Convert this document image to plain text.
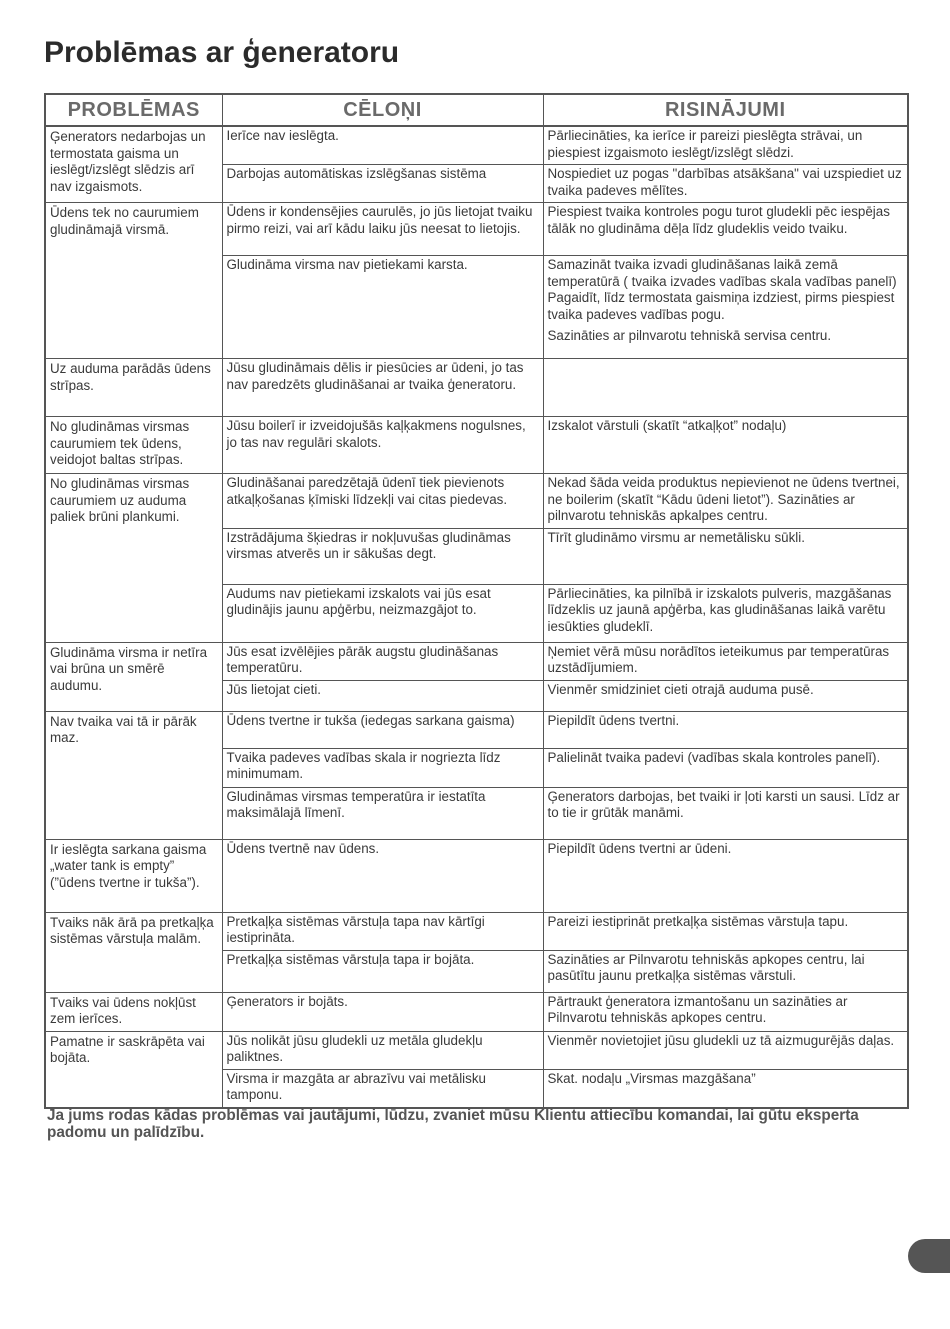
Problēmas ar ģeneratoru
PROBLĒMAS	CĒLOŅI	RISINĀJUMI
Ģenerators nedarbojas un termostata gaisma un ieslēgt/izslēgt slēdzis arī nav izgaismots.	Ierīce nav ieslēgta.	Pārliecināties, ka ierīce ir pareizi pieslēgta strāvai, un piespiest izgaismoto ieslēgt/izslēgt slēdzi.
	Darbojas automātiskas izslēgšanas sistēma	Nospiediet uz pogas "darbības atsākšana" vai uzspiediet uz tvaika padeves mēlītes.
Ūdens tek no caurumiem gludināmajā virsmā.	Ūdens ir kondensējies caurulēs, jo jūs lietojat tvaiku pirmo reizi, vai arī kādu laiku jūs neesat to lietojis.	Piespiest tvaika kontroles pogu turot gludekli pēc iespējas tālāk no gludināma dēļa līdz gludeklis veido tvaiku.
	Gludināma virsma nav pietiekami karsta.	Samazināt tvaika izvadi gludināšanas laikā zemā temperatūrā ( tvaika izvades vadības skala vadības panelī) Pagaidīt, līdz termostata gaismiņa izdziest, pirms piespiest tvaika padeves vadības pogu.
Sazināties ar pilnvarotu tehniskā servisa centru.
Uz auduma parādās ūdens strīpas.	Jūsu gludināmais dēlis ir piesūcies ar ūdeni, jo tas nav paredzēts gludināšanai ar tvaika ģeneratoru.	
No gludināmas virsmas caurumiem tek ūdens, veidojot baltas strīpas.	Jūsu boilerī ir izveidojušās kaļķakmens nogulsnes, jo tas nav regulāri skalots.	Izskalot vārstuli (skatīt “atkaļķot” nodaļu)
No gludināmas virsmas caurumiem uz auduma paliek brūni plankumi.	Gludināšanai paredzētajā ūdenī tiek pievienots atkaļķošanas ķīmiski līdzekļi vai citas piedevas.	Nekad šāda veida produktus nepievienot ne ūdens tvertnei, ne boilerim (skatīt “Kādu ūdeni lietot”). Sazināties ar pilnvarotu tehniskās apkalpes centru.
	Izstrādājuma šķiedras ir nokļuvušas gludināmas virsmas atverēs un ir sākušas degt.	Tīrīt gludināmo virsmu ar nemetālisku sūkli.
	Audums nav pietiekami izskalots vai jūs esat gludinājis jaunu apģērbu, neizmazgājot to.	Pārliecināties, ka pilnībā ir izskalots pulveris, mazgāšanas līdzeklis uz jaunā apģērba, kas gludināšanas laikā varētu iesūkties gludeklī.
Gludināma virsma ir netīra vai brūna un smērē audumu.	Jūs esat izvēlējies pārāk augstu gludināšanas temperatūru.	Ņemiet vērā mūsu norādītos ieteikumus par temperatūras uzstādījumiem.
	Jūs lietojat cieti.	Vienmēr smidziniet cieti otrajā auduma pusē.
Nav tvaika vai tā ir pārāk maz.	Ūdens tvertne ir tukša (iedegas sarkana gaisma)	Piepildīt ūdens tvertni.
	Tvaika padeves vadības skala ir nogriezta līdz minimumam.	Palielināt tvaika padevi (vadības skala kontroles panelī).
	Gludināmas virsmas temperatūra ir iestatīta maksimālajā līmenī.	Ģenerators darbojas, bet tvaiki ir ļoti karsti un sausi. Līdz ar to tie ir grūtāk manāmi.
Ir ieslēgta sarkana gaisma „water tank is empty” (”ūdens tvertne ir tukša”).	Ūdens tvertnē nav ūdens.	Piepildīt ūdens tvertni ar ūdeni.
Tvaiks nāk ārā pa pretkaļķa sistēmas vārstuļa malām.	Pretkaļķa sistēmas vārstuļa tapa nav kārtīgi iestiprināta.	Pareizi iestiprināt pretkaļķa sistēmas vārstuļa tapu.
	Pretkaļķa sistēmas vārstuļa tapa ir bojāta.	Sazināties ar Pilnvarotu tehniskās apkopes centru, lai pasūtītu jaunu pretkaļķa sistēmas vārstuli.
Tvaiks vai ūdens nokļūst zem ierīces.	Ģenerators ir bojāts.	Pārtraukt ģeneratora izmantošanu un sazināties ar Pilnvarotu tehniskās apkopes centru.
Pamatne ir saskrāpēta vai bojāta.	Jūs nolikāt jūsu gludekli uz metāla gludekļu paliktnes.	Vienmēr novietojiet jūsu gludekli uz tā aizmugurējās daļas.
	Virsma ir mazgāta ar abrazīvu vai metālisku tamponu.	Skat. nodaļu „Virsmas mazgāšana”

Ja jums rodas kādas problēmas vai jautājumi, lūdzu, zvaniet mūsu Klientu attiecību komandai, lai gūtu eksperta padomu un palīdzību.
